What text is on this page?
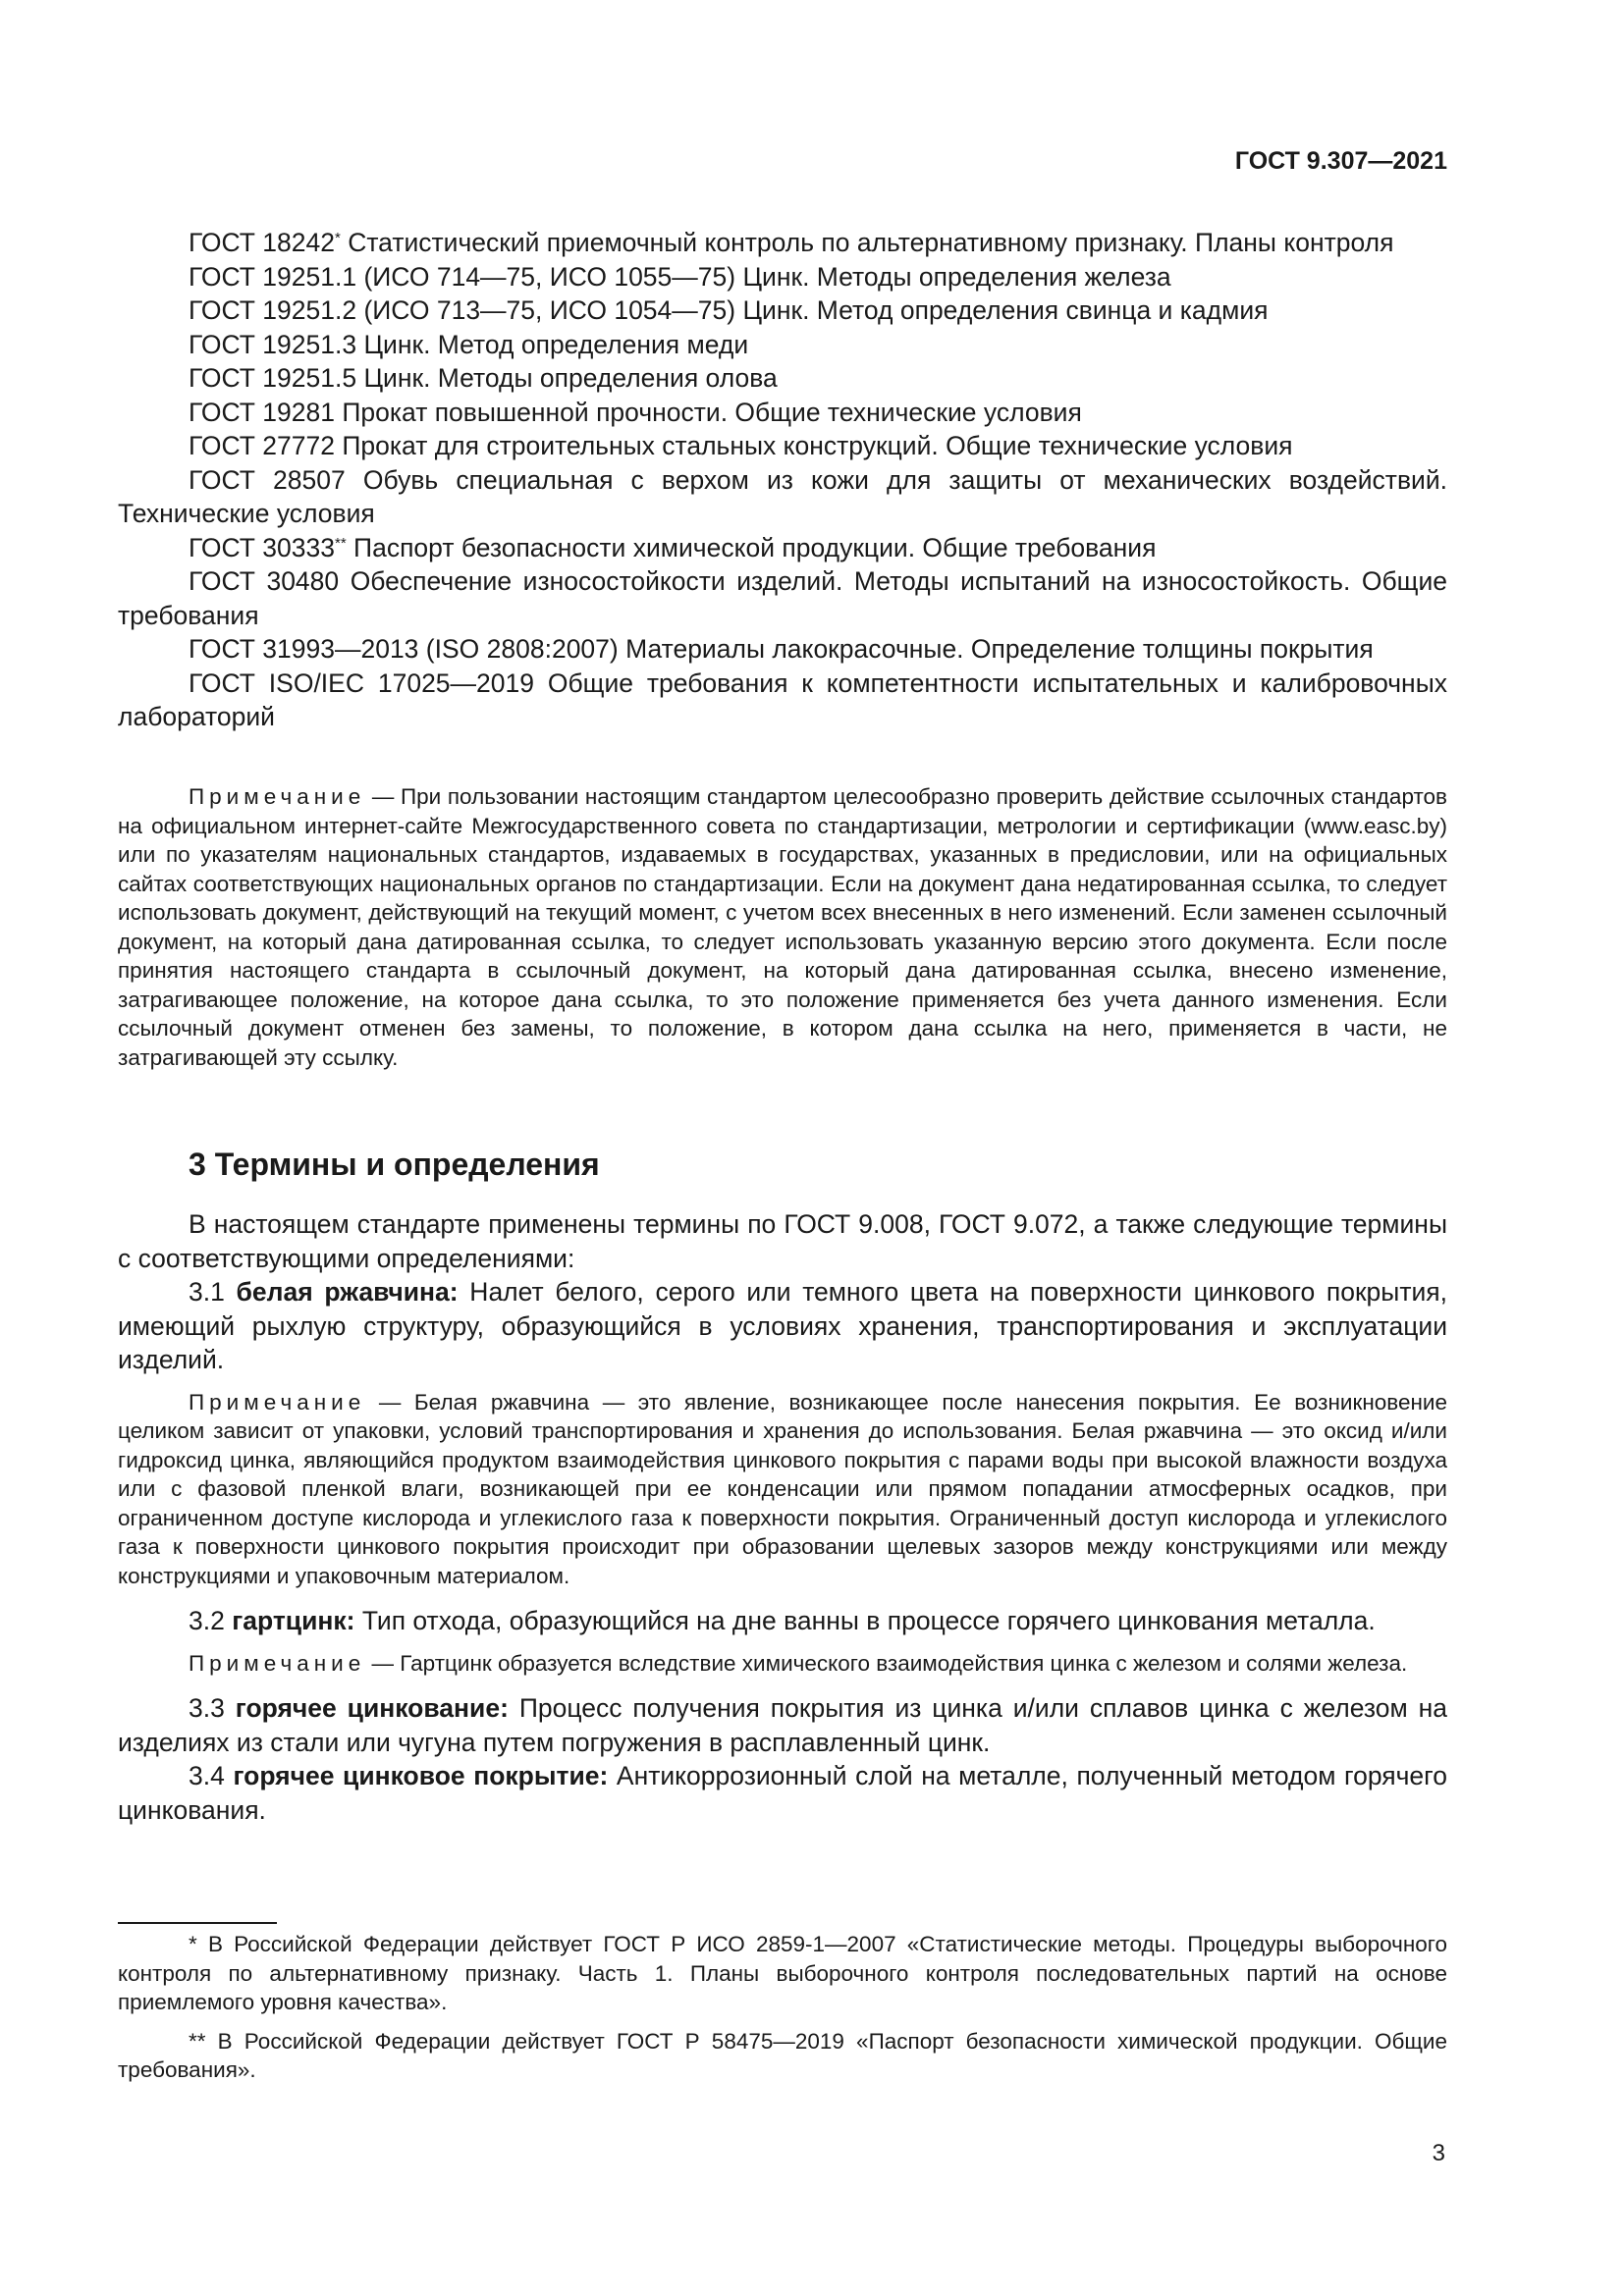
ГОСТ 9.307—2021

ГОСТ 18242* Статистический приемочный контроль по альтернативному признаку. Планы контроля

ГОСТ 19251.1 (ИСО 714—75, ИСО 1055—75) Цинк. Методы определения железа

ГОСТ 19251.2 (ИСО 713—75, ИСО 1054—75) Цинк. Метод определения свинца и кадмия

ГОСТ 19251.3 Цинк. Метод определения меди

ГОСТ 19251.5 Цинк. Методы определения олова

ГОСТ 19281 Прокат повышенной прочности. Общие технические условия

ГОСТ 27772 Прокат для строительных стальных конструкций. Общие технические условия

ГОСТ 28507 Обувь специальная с верхом из кожи для защиты от механических воздействий. Технические условия

ГОСТ 30333** Паспорт безопасности химической продукции. Общие требования

ГОСТ 30480 Обеспечение износостойкости изделий. Методы испытаний на износостойкость. Общие требования

ГОСТ 31993—2013 (ISO 2808:2007) Материалы лакокрасочные. Определение толщины покрытия

ГОСТ ISO/IEC 17025—2019 Общие требования к компетентности испытательных и калибровочных лабораторий

Примечание — При пользовании настоящим стандартом целесообразно проверить действие ссылочных стандартов на официальном интернет-сайте Межгосударственного совета по стандартизации, метрологии и сертификации (www.easc.by) или по указателям национальных стандартов, издаваемых в государствах, указанных в предисловии, или на официальных сайтах соответствующих национальных органов по стандартизации. Если на документ дана недатированная ссылка, то следует использовать документ, действующий на текущий момент, с учетом всех внесенных в него изменений. Если заменен ссылочный документ, на который дана датированная ссылка, то следует использовать указанную версию этого документа. Если после принятия настоящего стандарта в ссылочный документ, на который дана датированная ссылка, внесено изменение, затрагивающее положение, на которое дана ссылка, то это положение применяется без учета данного изменения. Если ссылочный документ отменен без замены, то положение, в котором дана ссылка на него, применяется в части, не затрагивающей эту ссылку.

3 Термины и определения

В настоящем стандарте применены термины по ГОСТ 9.008, ГОСТ 9.072, а также следующие термины с соответствующими определениями:

3.1 белая ржавчина: Налет белого, серого или темного цвета на поверхности цинкового покрытия, имеющий рыхлую структуру, образующийся в условиях хранения, транспортирования и эксплуатации изделий.

Примечание — Белая ржавчина — это явление, возникающее после нанесения покрытия. Ее возникновение целиком зависит от упаковки, условий транспортирования и хранения до использования. Белая ржавчина — это оксид и/или гидроксид цинка, являющийся продуктом взаимодействия цинкового покрытия с парами воды при высокой влажности воздуха или с фазовой пленкой влаги, возникающей при ее конденсации или прямом попадании атмосферных осадков, при ограниченном доступе кислорода и углекислого газа к поверхности покрытия. Ограниченный доступ кислорода и углекислого газа к поверхности цинкового покрытия происходит при образовании щелевых зазоров между конструкциями или между конструкциями и упаковочным материалом.

3.2 гартцинк: Тип отхода, образующийся на дне ванны в процессе горячего цинкования металла.

Примечание — Гартцинк образуется вследствие химического взаимодействия цинка с железом и солями железа.

3.3 горячее цинкование: Процесс получения покрытия из цинка и/или сплавов цинка с железом на изделиях из стали или чугуна путем погружения в расплавленный цинк.

3.4 горячее цинковое покрытие: Антикоррозионный слой на металле, полученный методом горячего цинкования.

* В Российской Федерации действует ГОСТ Р ИСО 2859-1—2007 «Статистические методы. Процедуры выборочного контроля по альтернативному признаку. Часть 1. Планы выборочного контроля последовательных партий на основе приемлемого уровня качества».

** В Российской Федерации действует ГОСТ Р 58475—2019 «Паспорт безопасности химической продукции. Общие требования».

3
